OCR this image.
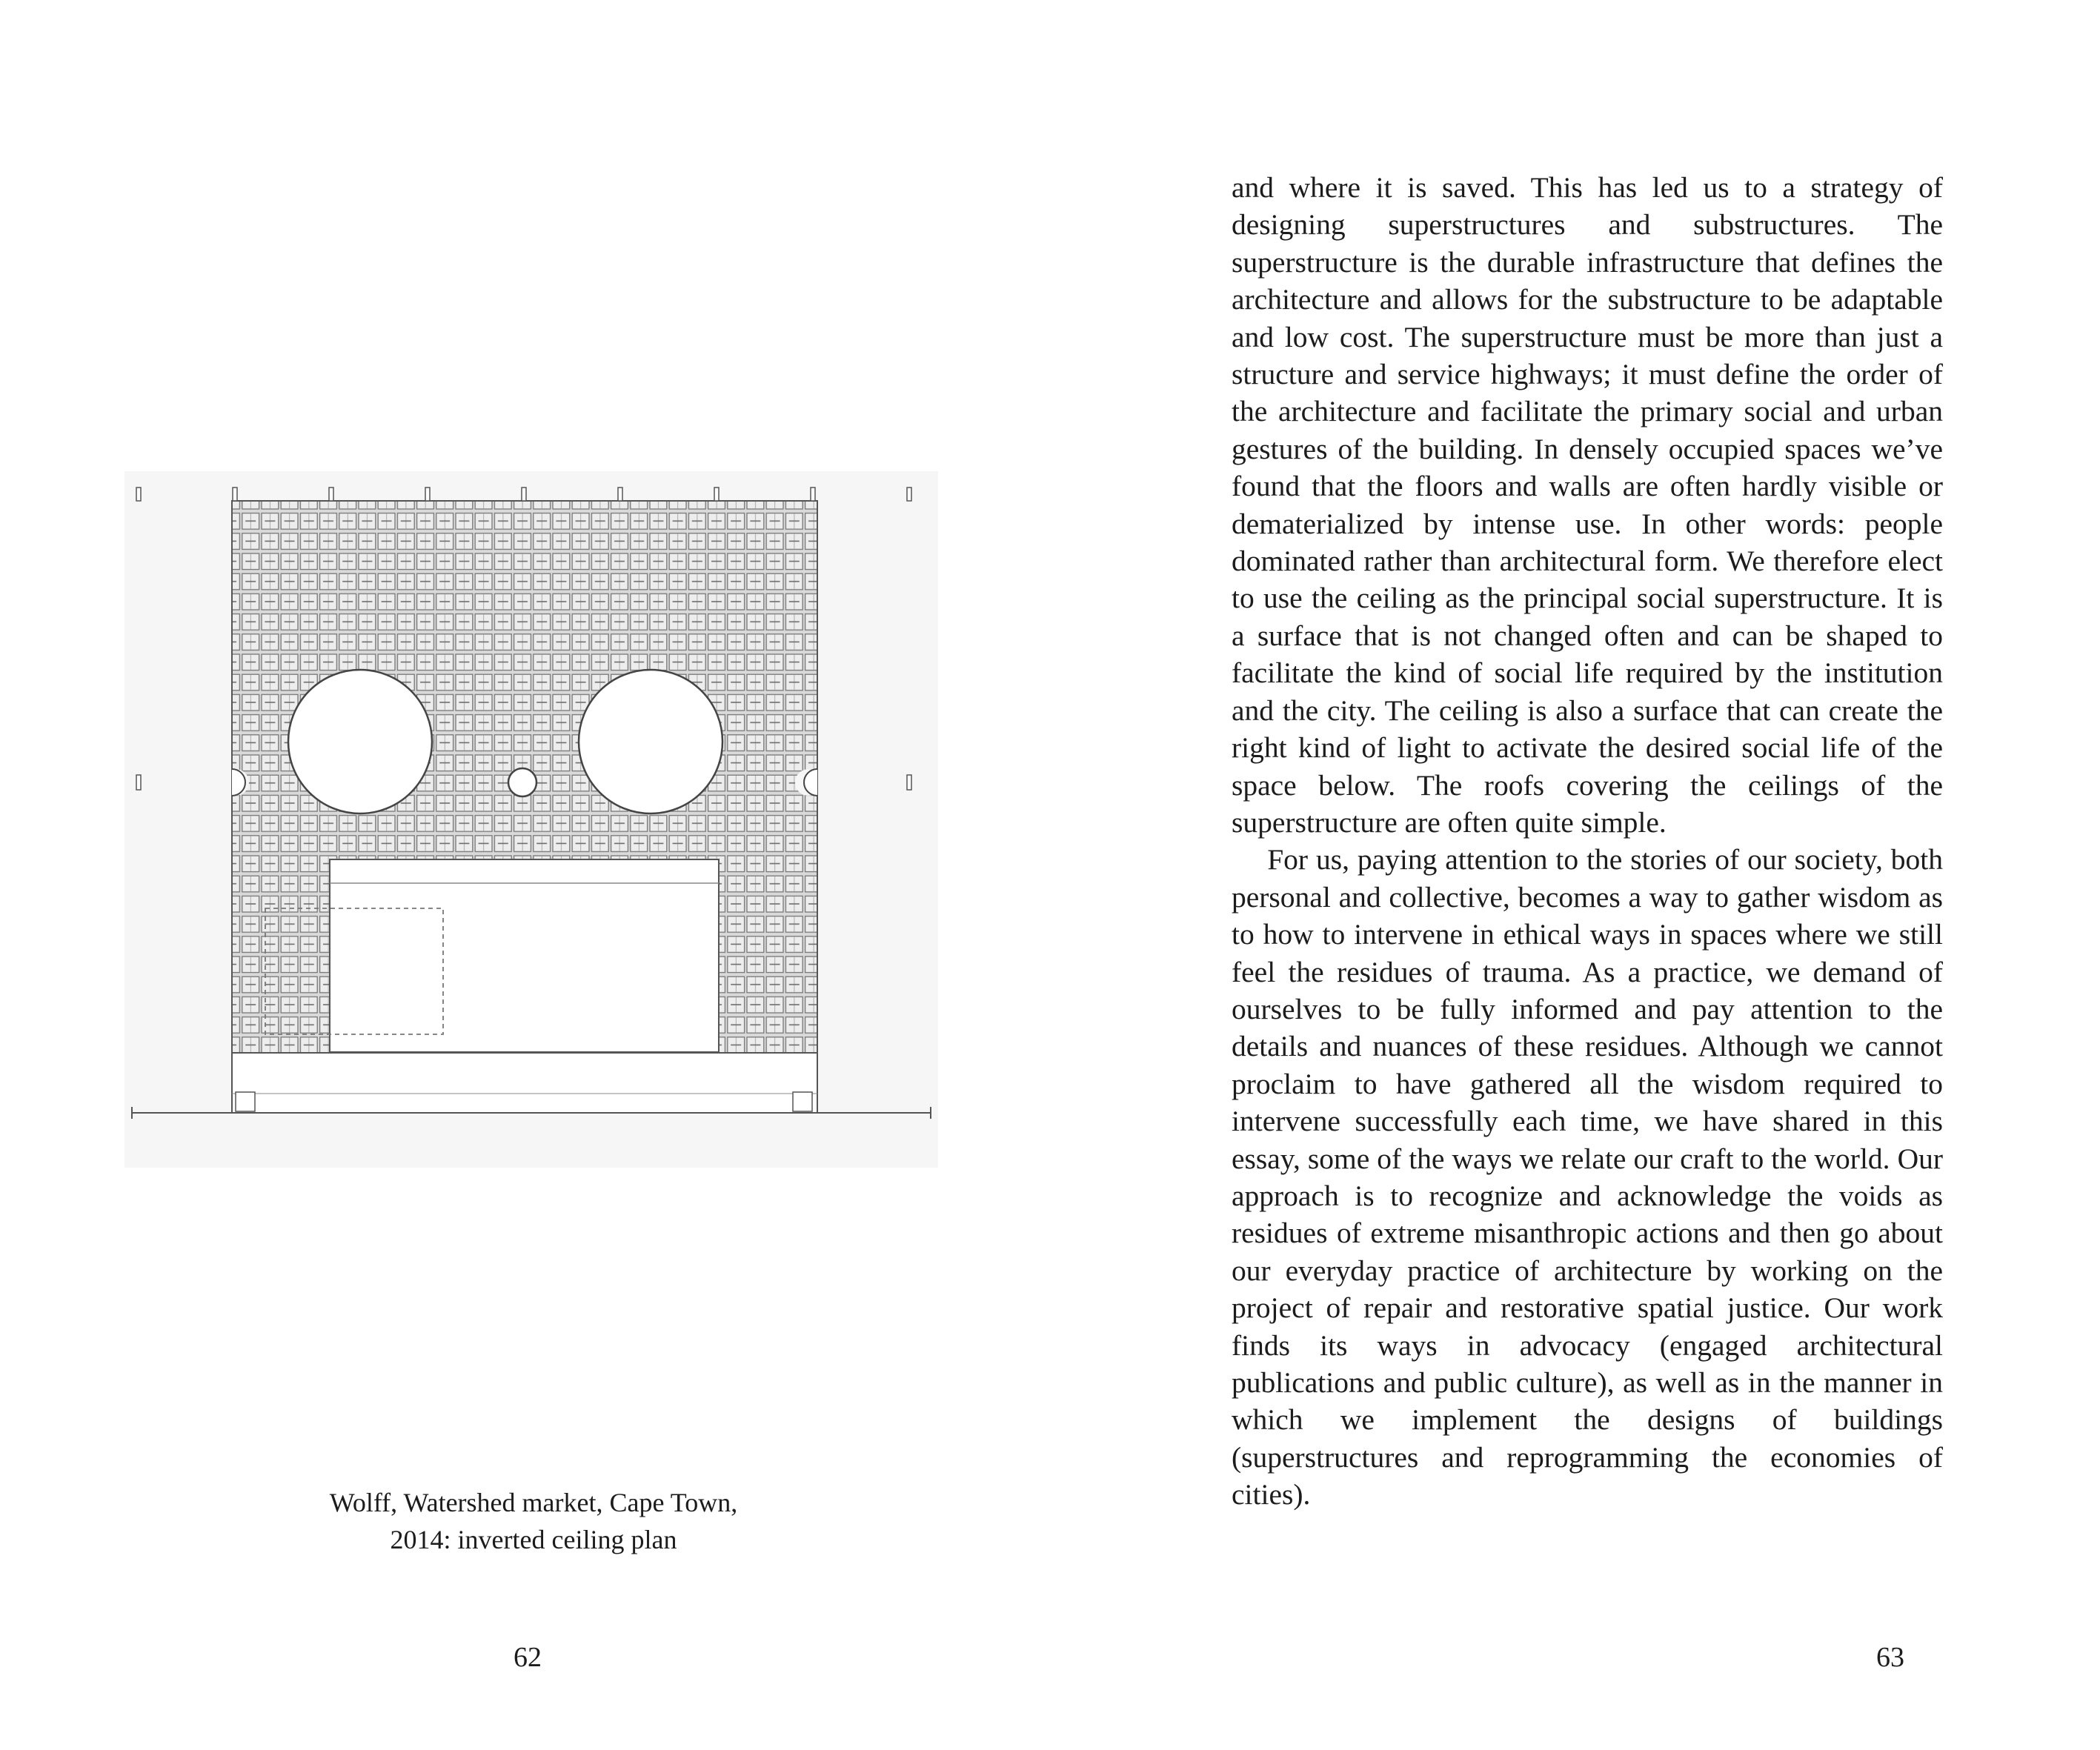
Wolff, Watershed market, Cape Town,
2014: inverted ceiling plan
62

and where it is saved. This has led us to a strategy of designing superstructures and substructures. The superstructure is the durable infrastructure that defines the architecture and allows for the substructure to be adaptable and low cost. The superstructure must be more than just a structure and service highways; it must define the order of the architecture and facilitate the primary social and urban gestures of the building. In densely occupied spaces we’ve found that the floors and walls are often hardly visible or dematerialized by intense use. In other words: people dominated rather than architectural form. We therefore elect to use the ceiling as the principal social superstructure. It is a surface that is not changed often and can be shaped to facilitate the kind of social life required by the institution and the city. The ceiling is also a surface that can create the right kind of light to activate the desired social life of the space below. The roofs covering the ceilings of the superstructure are often quite simple.

For us, paying attention to the stories of our society, both personal and collective, becomes a way to gather wisdom as to how to intervene in ethical ways in spaces where we still feel the residues of trauma. As a practice, we demand of ourselves to be fully informed and pay attention to the details and nuances of these residues. Although we cannot proclaim to have gathered all the wisdom required to intervene successfully each time, we have shared in this essay, some of the ways we relate our craft to the world. Our approach is to recognize and acknowledge the voids as residues of extreme misanthropic actions and then go about our everyday practice of architecture by working on the project of repair and restorative spatial justice. Our work finds its ways in advocacy (engaged architectural publications and public culture), as well as in the manner in which we implement the designs of buildings (superstructures and reprogramming the economies of cities).

63
